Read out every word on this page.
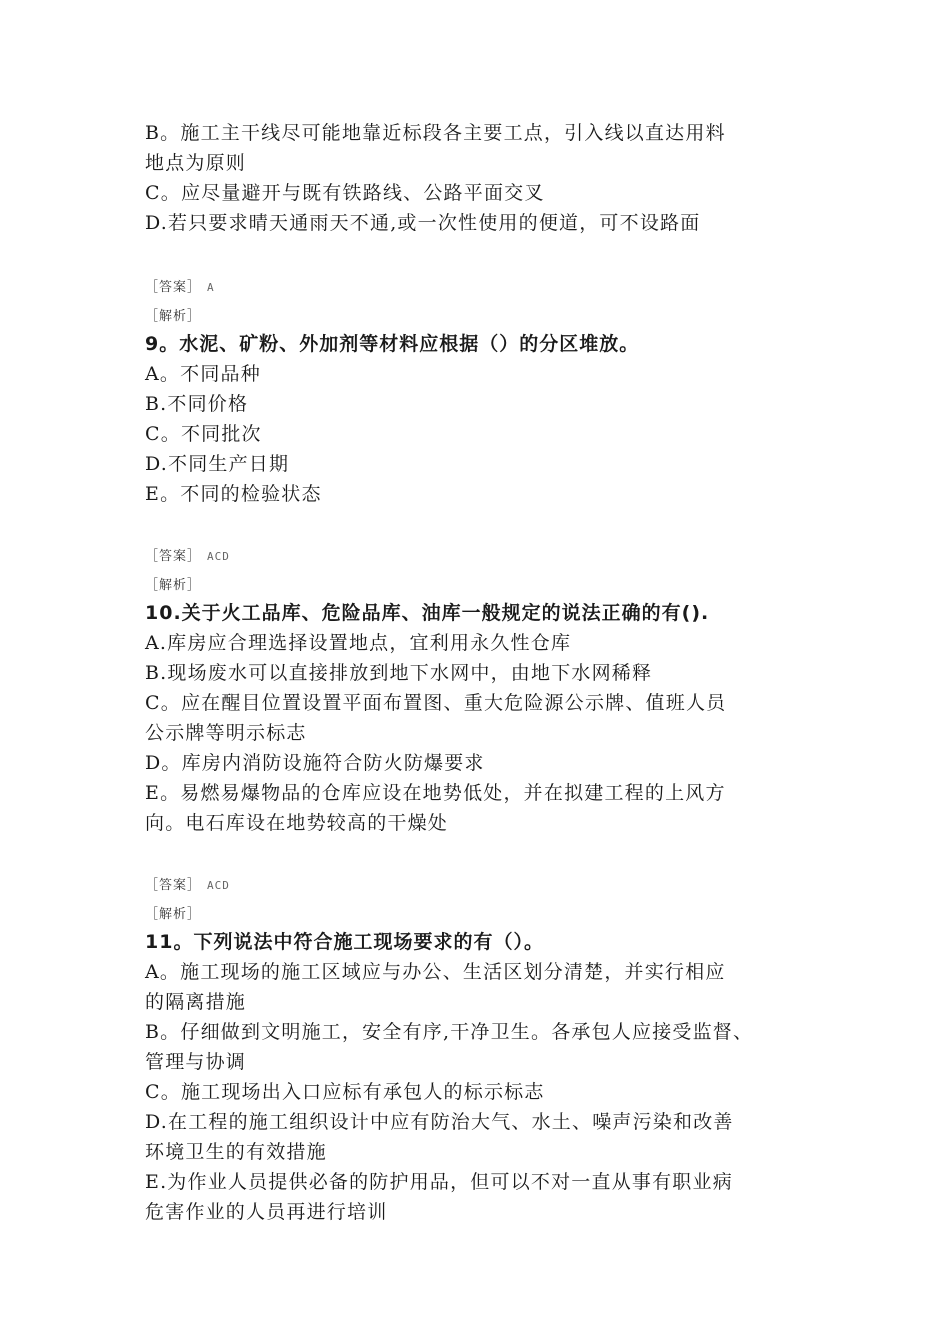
B。施工主干线尽可能地靠近标段各主要工点，引入线以直达用料
地点为原则
C。应尽量避开与既有铁路线、公路平面交叉
D.若只要求晴天通雨天不通,或一次性使用的便道，可不设路面
［答案］ A
［解析］
9。水泥、矿粉、外加剂等材料应根据（）的分区堆放。
A。不同品种
B.不同价格
C。不同批次
D.不同生产日期
E。不同的检验状态
［答案］ ACD
［解析］
10.关于火工品库、危险品库、油库一般规定的说法正确的有().
A.库房应合理选择设置地点，宜利用永久性仓库
B.现场废水可以直接排放到地下水网中，由地下水网稀释
C。应在醒目位置设置平面布置图、重大危险源公示牌、值班人员
公示牌等明示标志
D。库房内消防设施符合防火防爆要求
E。易燃易爆物品的仓库应设在地势低处，并在拟建工程的上风方
向。电石库设在地势较高的干燥处
［答案］ ACD
［解析］
11。下列说法中符合施工现场要求的有（）。
A。施工现场的施工区域应与办公、生活区划分清楚，并实行相应
的隔离措施
B。仔细做到文明施工，安全有序,干净卫生。各承包人应接受监督、
管理与协调
C。施工现场出入口应标有承包人的标示标志
D.在工程的施工组织设计中应有防治大气、水土、噪声污染和改善
环境卫生的有效措施
E.为作业人员提供必备的防护用品，但可以不对一直从事有职业病
危害作业的人员再进行培训
